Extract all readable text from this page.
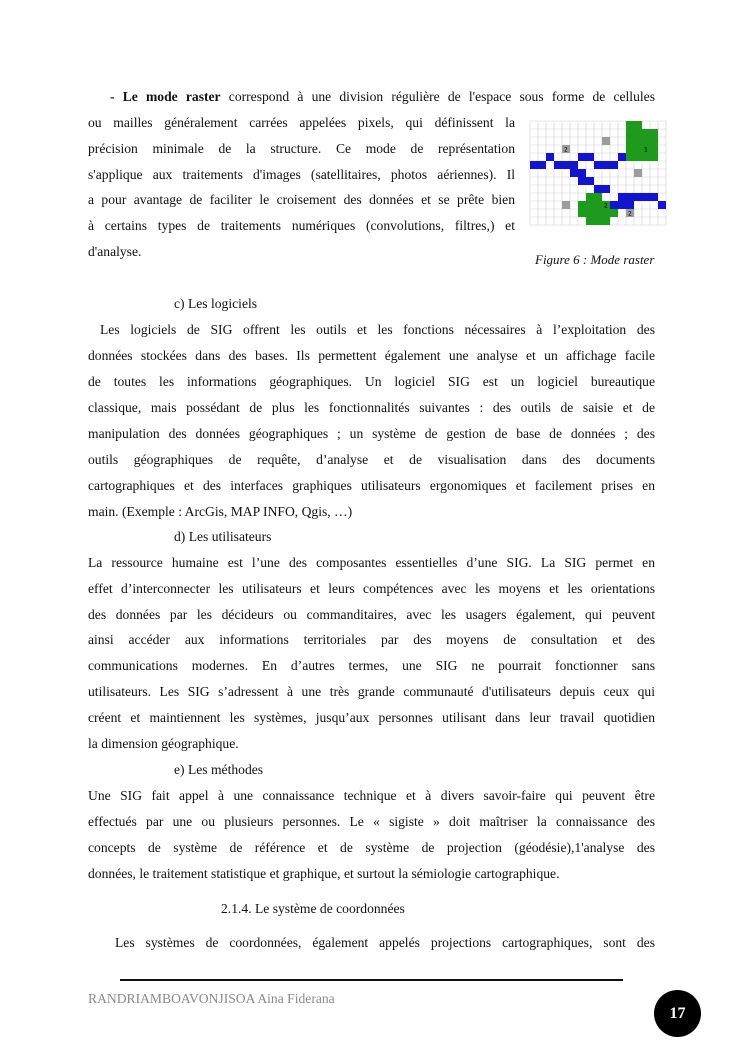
- Le mode raster correspond à une division régulière de l'espace sous forme de cellules
ou mailles généralement carrées appelées pixels, qui définissent la
précision minimale de la structure. Ce mode de représentation
s'applique aux traitements d'images (satellitaires, photos aériennes). Il
a pour avantage de faciliter le croisement des données et se prête bien
à certains types de traitements numériques (convolutions, filtres,) et
d'analyse.
2	1
2
2
Figure 6 : Mode raster
c) Les logiciels
Les logiciels de SIG offrent les outils et les fonctions nécessaires à l’exploitation des
données stockées dans des bases. Ils permettent également une analyse et un affichage facile
de toutes les informations géographiques. Un logiciel SIG est un logiciel bureautique
classique, mais possédant de plus les fonctionnalités suivantes : des outils de saisie et de
manipulation des données géographiques ; un système de gestion de base de données ; des
outils géographiques de requête, d’analyse et de visualisation dans des documents
cartographiques et des interfaces graphiques utilisateurs ergonomiques et facilement prises en
main. (Exemple : ArcGis, MAP INFO, Qgis, …)
d) Les utilisateurs
La ressource humaine est l’une des composantes essentielles d’une SIG. La SIG permet en
effet d’interconnecter les utilisateurs et leurs compétences avec les moyens et les orientations
des données par les décideurs ou commanditaires, avec les usagers également, qui peuvent
ainsi accéder aux informations territoriales par des moyens de consultation et des
communications modernes. En d’autres termes, une SIG ne pourrait fonctionner sans
utilisateurs. Les SIG s’adressent à une très grande communauté d'utilisateurs depuis ceux qui
créent et maintiennent les systèmes, jusqu’aux personnes utilisant dans leur travail quotidien
la dimension géographique.
e) Les méthodes
Une SIG fait appel à une connaissance technique et à divers savoir-faire qui peuvent être
effectués par une ou plusieurs personnes. Le « sigiste » doit maîtriser la connaissance des
concepts de système de référence et de système de projection (géodésie),1'analyse des
données, le traitement statistique et graphique, et surtout la sémiologie cartographique.
2.1.4. Le système de coordonnées
Les systèmes de coordonnées, également appelés projections cartographiques, sont des
RANDRIAMBOAVONJISOA Aina Fiderana
17
